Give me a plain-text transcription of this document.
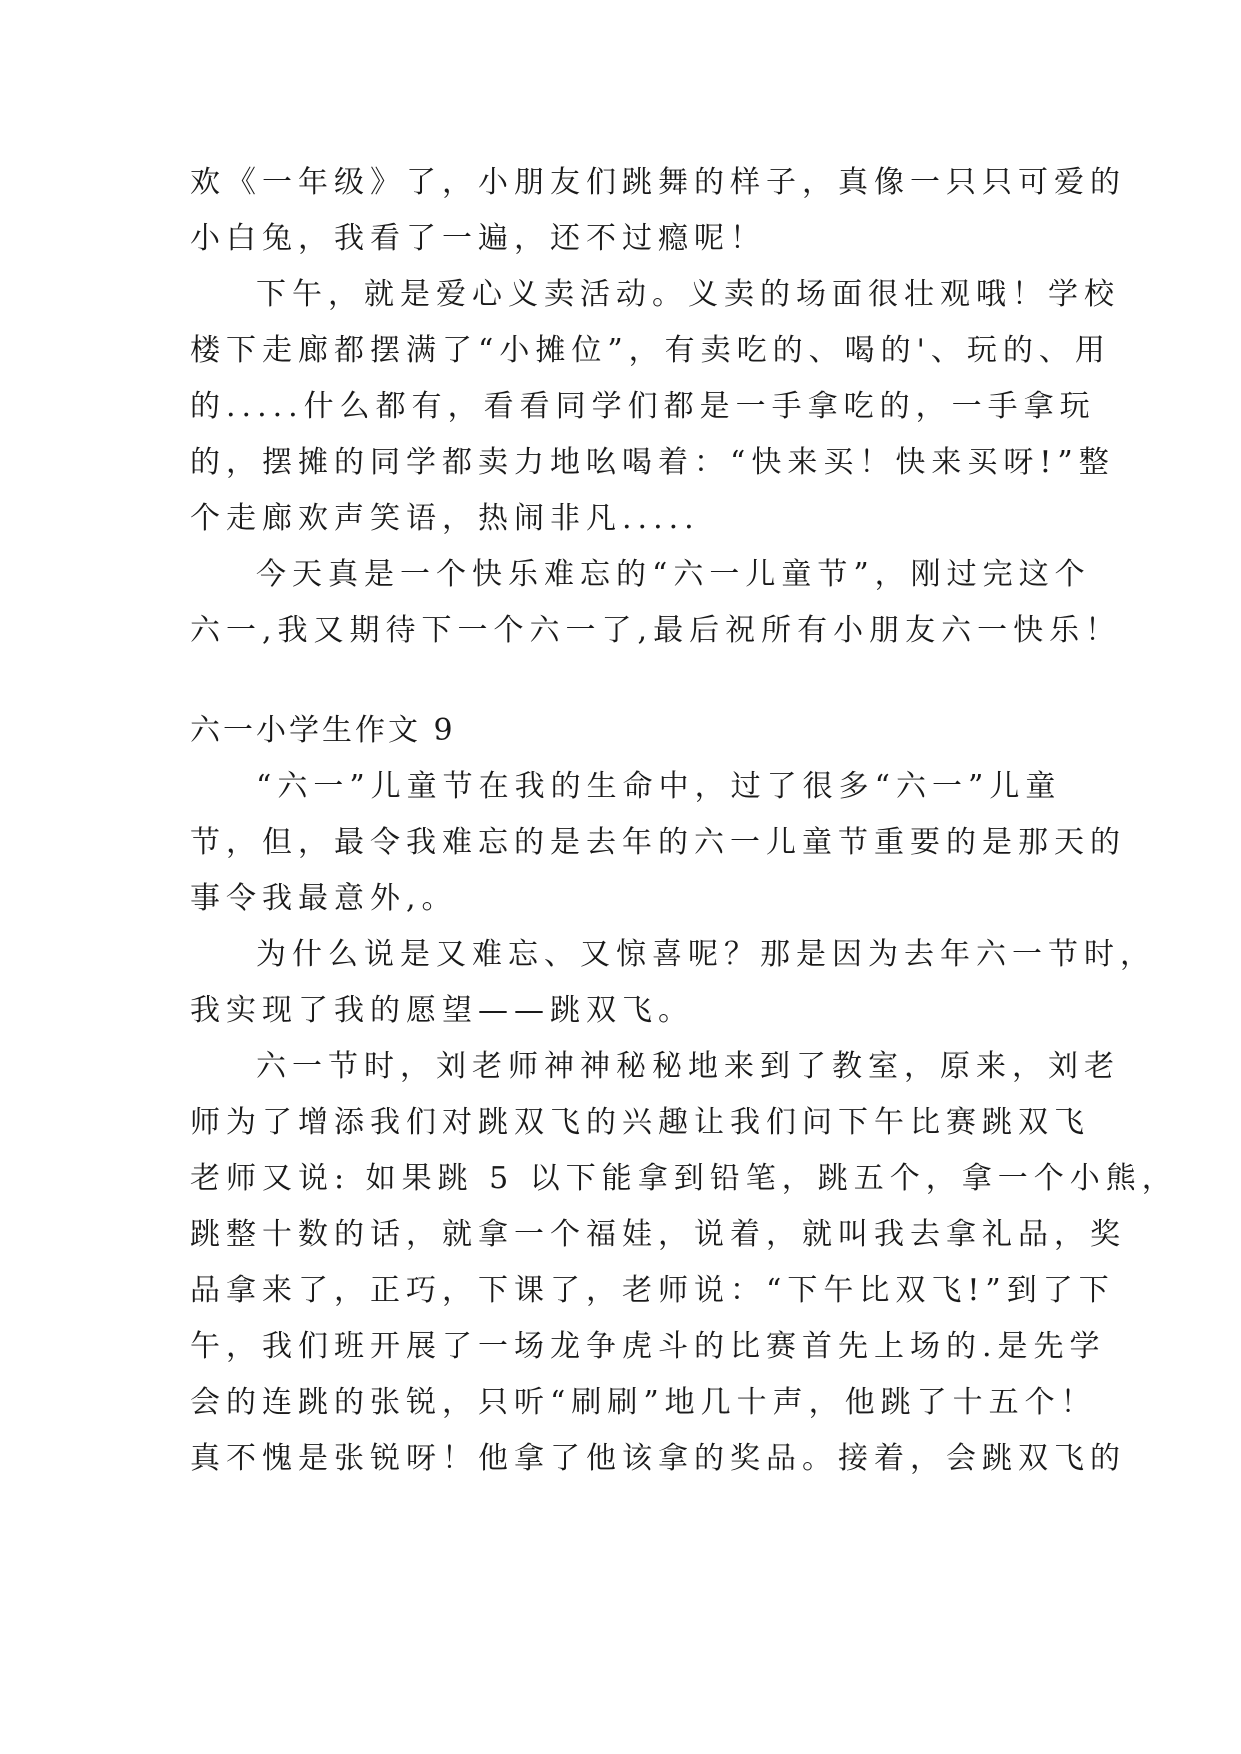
欢《一年级》了，小朋友们跳舞的样子，真像一只只可爱的
小白兔，我看了一遍，还不过瘾呢！
下午，就是爱心义卖活动。义卖的场面很壮观哦！学校
楼下走廊都摆满了“小摊位”，有卖吃的、喝的'、玩的、用
的.....什么都有，看看同学们都是一手拿吃的，一手拿玩
的，摆摊的同学都卖力地吆喝着：“快来买！快来买呀!”整
个走廊欢声笑语，热闹非凡.....
今天真是一个快乐难忘的“六一儿童节”，刚过完这个
六一,我又期待下一个六一了,最后祝所有小朋友六一快乐！
六一小学生作文 9
“六一”儿童节在我的生命中，过了很多“六一”儿童
节，但，最令我难忘的是去年的六一儿童节重要的是那天的
事令我最意外,。
为什么说是又难忘、又惊喜呢？那是因为去年六一节时，
我实现了我的愿望——跳双飞。
六一节时，刘老师神神秘秘地来到了教室，原来，刘老
师为了增添我们对跳双飞的兴趣让我们问下午比赛跳双飞
老师又说: 如果跳 5 以下能拿到铅笔，跳五个，拿一个小熊，
跳整十数的话，就拿一个福娃，说着，就叫我去拿礼品，奖
品拿来了，正巧，下课了，老师说：“下午比双飞!”到了下
午，我们班开展了一场龙争虎斗的比赛首先上场的.是先学
会的连跳的张锐，只听“刷刷”地几十声，他跳了十五个！
真不愧是张锐呀！他拿了他该拿的奖品。接着，会跳双飞的
